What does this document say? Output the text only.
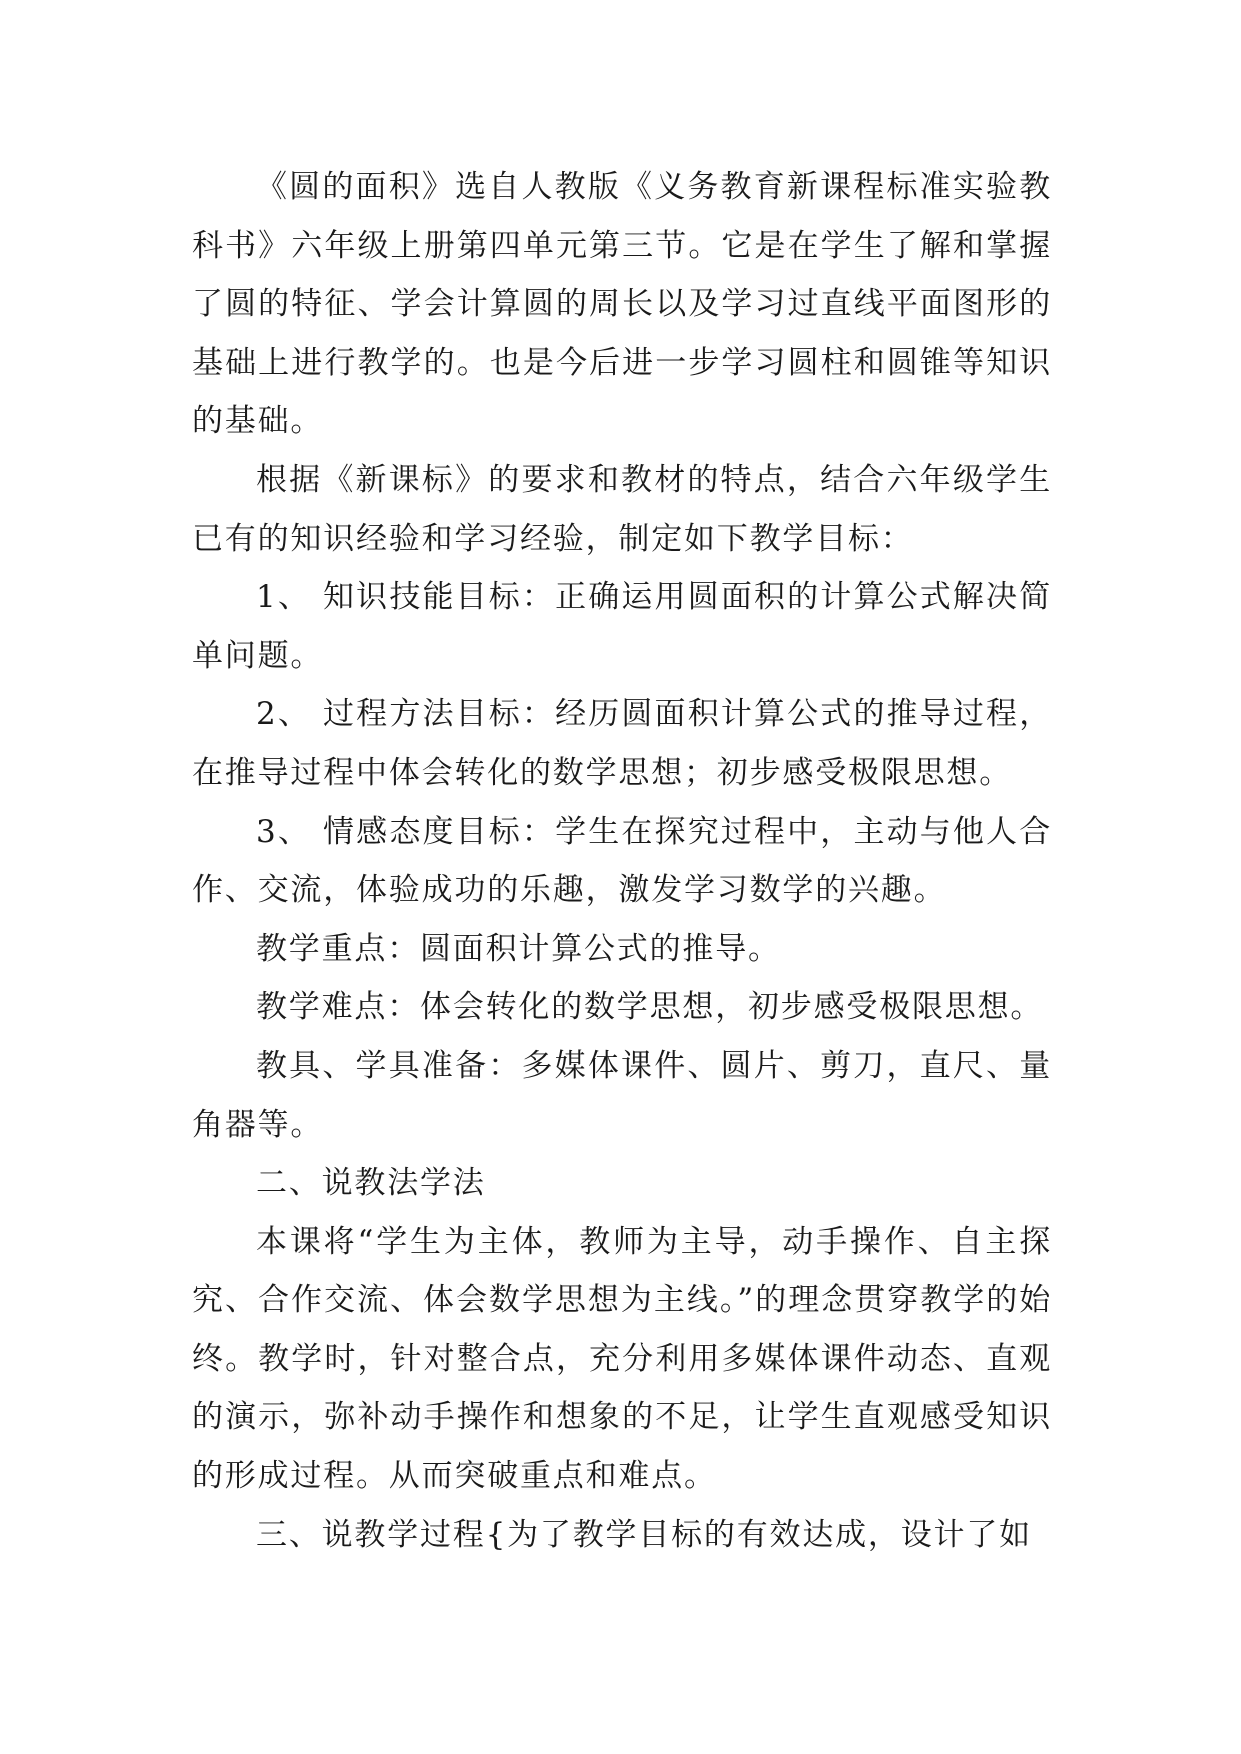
《圆的面积》选自人教版《义务教育新课程标准实验教科书》六年级上册第四单元第三节。它是在学生了解和掌握了圆的特征、学会计算圆的周长以及学习过直线平面图形的基础上进行教学的。也是今后进一步学习圆柱和圆锥等知识的基础。

根据《新课标》的要求和教材的特点，结合六年级学生已有的知识经验和学习经验，制定如下教学目标：

1、 知识技能目标：正确运用圆面积的计算公式解决简单问题。

2、 过程方法目标：经历圆面积计算公式的推导过程，在推导过程中体会转化的数学思想；初步感受极限思想。

3、 情感态度目标：学生在探究过程中，主动与他人合作、交流，体验成功的乐趣，激发学习数学的兴趣。

教学重点：圆面积计算公式的推导。

教学难点：体会转化的数学思想，初步感受极限思想。

教具、学具准备：多媒体课件、圆片、剪刀，直尺、量角器等。

二、说教法学法

本课将“学生为主体，教师为主导，动手操作、自主探究、合作交流、体会数学思想为主线。”的理念贯穿教学的始终。教学时，针对整合点，充分利用多媒体课件动态、直观的演示，弥补动手操作和想象的不足，让学生直观感受知识的形成过程。从而突破重点和难点。

三、说教学过程{为了教学目标的有效达成，设计了如
